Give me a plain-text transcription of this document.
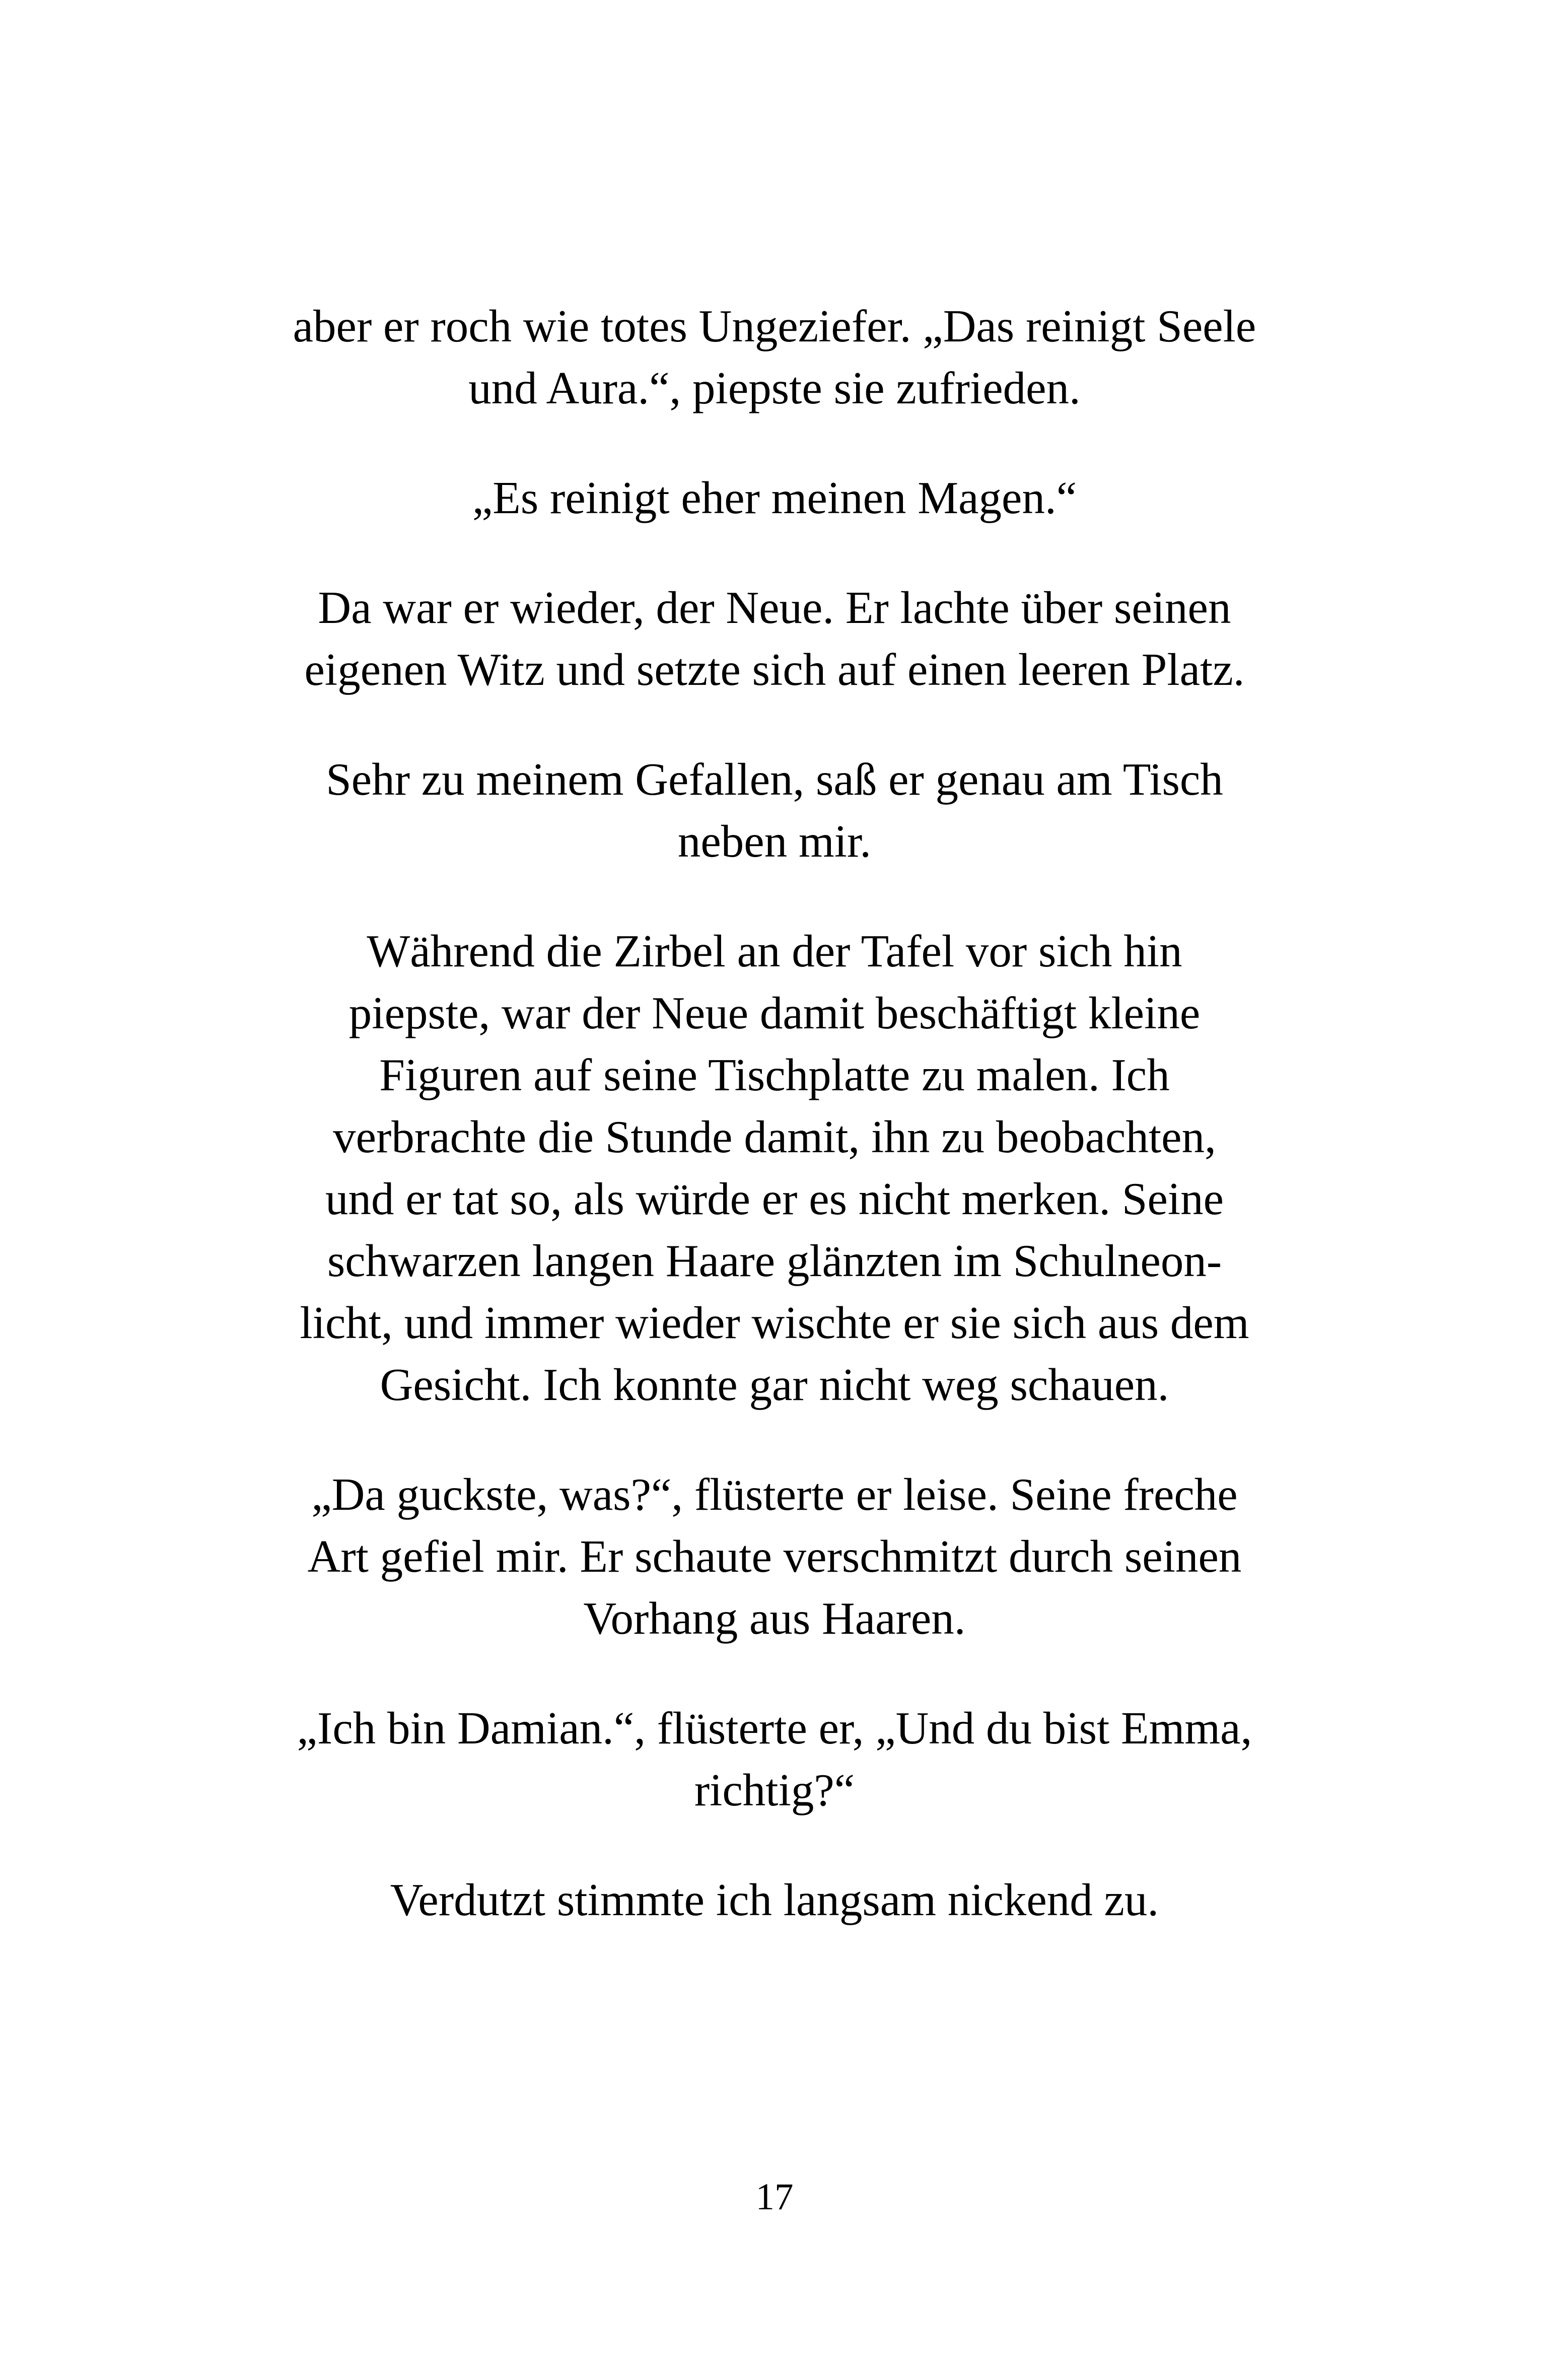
aber er roch wie totes Ungeziefer. „Das reinigt Seele
und Aura.“, piepste sie zufrieden.

„Es reinigt eher meinen Magen.“

Da war er wieder, der Neue. Er lachte über seinen
eigenen Witz und setzte sich auf einen leeren Platz.

Sehr zu meinem Gefallen, saß er genau am Tisch
neben mir.

Während die Zirbel an der Tafel vor sich hin
piepste, war der Neue damit beschäftigt kleine
Figuren auf seine Tischplatte zu malen. Ich
verbrachte die Stunde damit, ihn zu beobachten,
und er tat so, als würde er es nicht merken. Seine
schwarzen langen Haare glänzten im Schulneon-
licht, und immer wieder wischte er sie sich aus dem
Gesicht. Ich konnte gar nicht weg schauen.

„Da guckste, was?“, flüsterte er leise. Seine freche
Art gefiel mir. Er schaute verschmitzt durch seinen
Vorhang aus Haaren.

„Ich bin Damian.“, flüsterte er, „Und du bist Emma,
richtig?“

Verdutzt stimmte ich langsam nickend zu.

17
